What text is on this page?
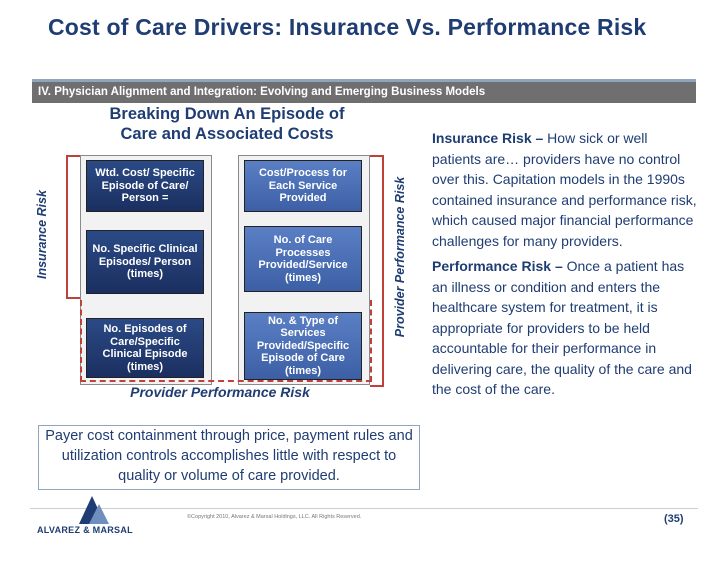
Cost of Care Drivers: Insurance Vs. Performance Risk
IV. Physician Alignment and Integration: Evolving and Emerging Business Models
Breaking Down An Episode of
Care and Associated Costs
Wtd. Cost/ Specific Episode of Care/ Person =
No. Specific Clinical Episodes/ Person (times)
No. Episodes of Care/Specific Clinical Episode (times)
Cost/Process for Each Service Provided
No. of Care Processes Provided/Service (times)
No. & Type of Services Provided/Specific Episode of Care (times)
Insurance Risk	Provider Performance Risk
Provider Performance Risk
Payer cost containment through price, payment rules and utilization controls accomplishes little with respect to quality or volume of care provided.

Insurance Risk – How sick or well patients are… providers have no control over this. Capitation models in the 1990s contained insurance and performance risk, which caused major financial performance challenges for many providers.

Performance Risk – Once a patient has an illness or condition and enters the healthcare system for treatment, it is appropriate for providers to be held accountable for their performance in delivering care, the quality of the care and the cost of the care.

ALVAREZ & MARSAL
©Copyright 2010, Alvarez & Marsal Holdings, LLC. All Rights Reserved.	(35)
